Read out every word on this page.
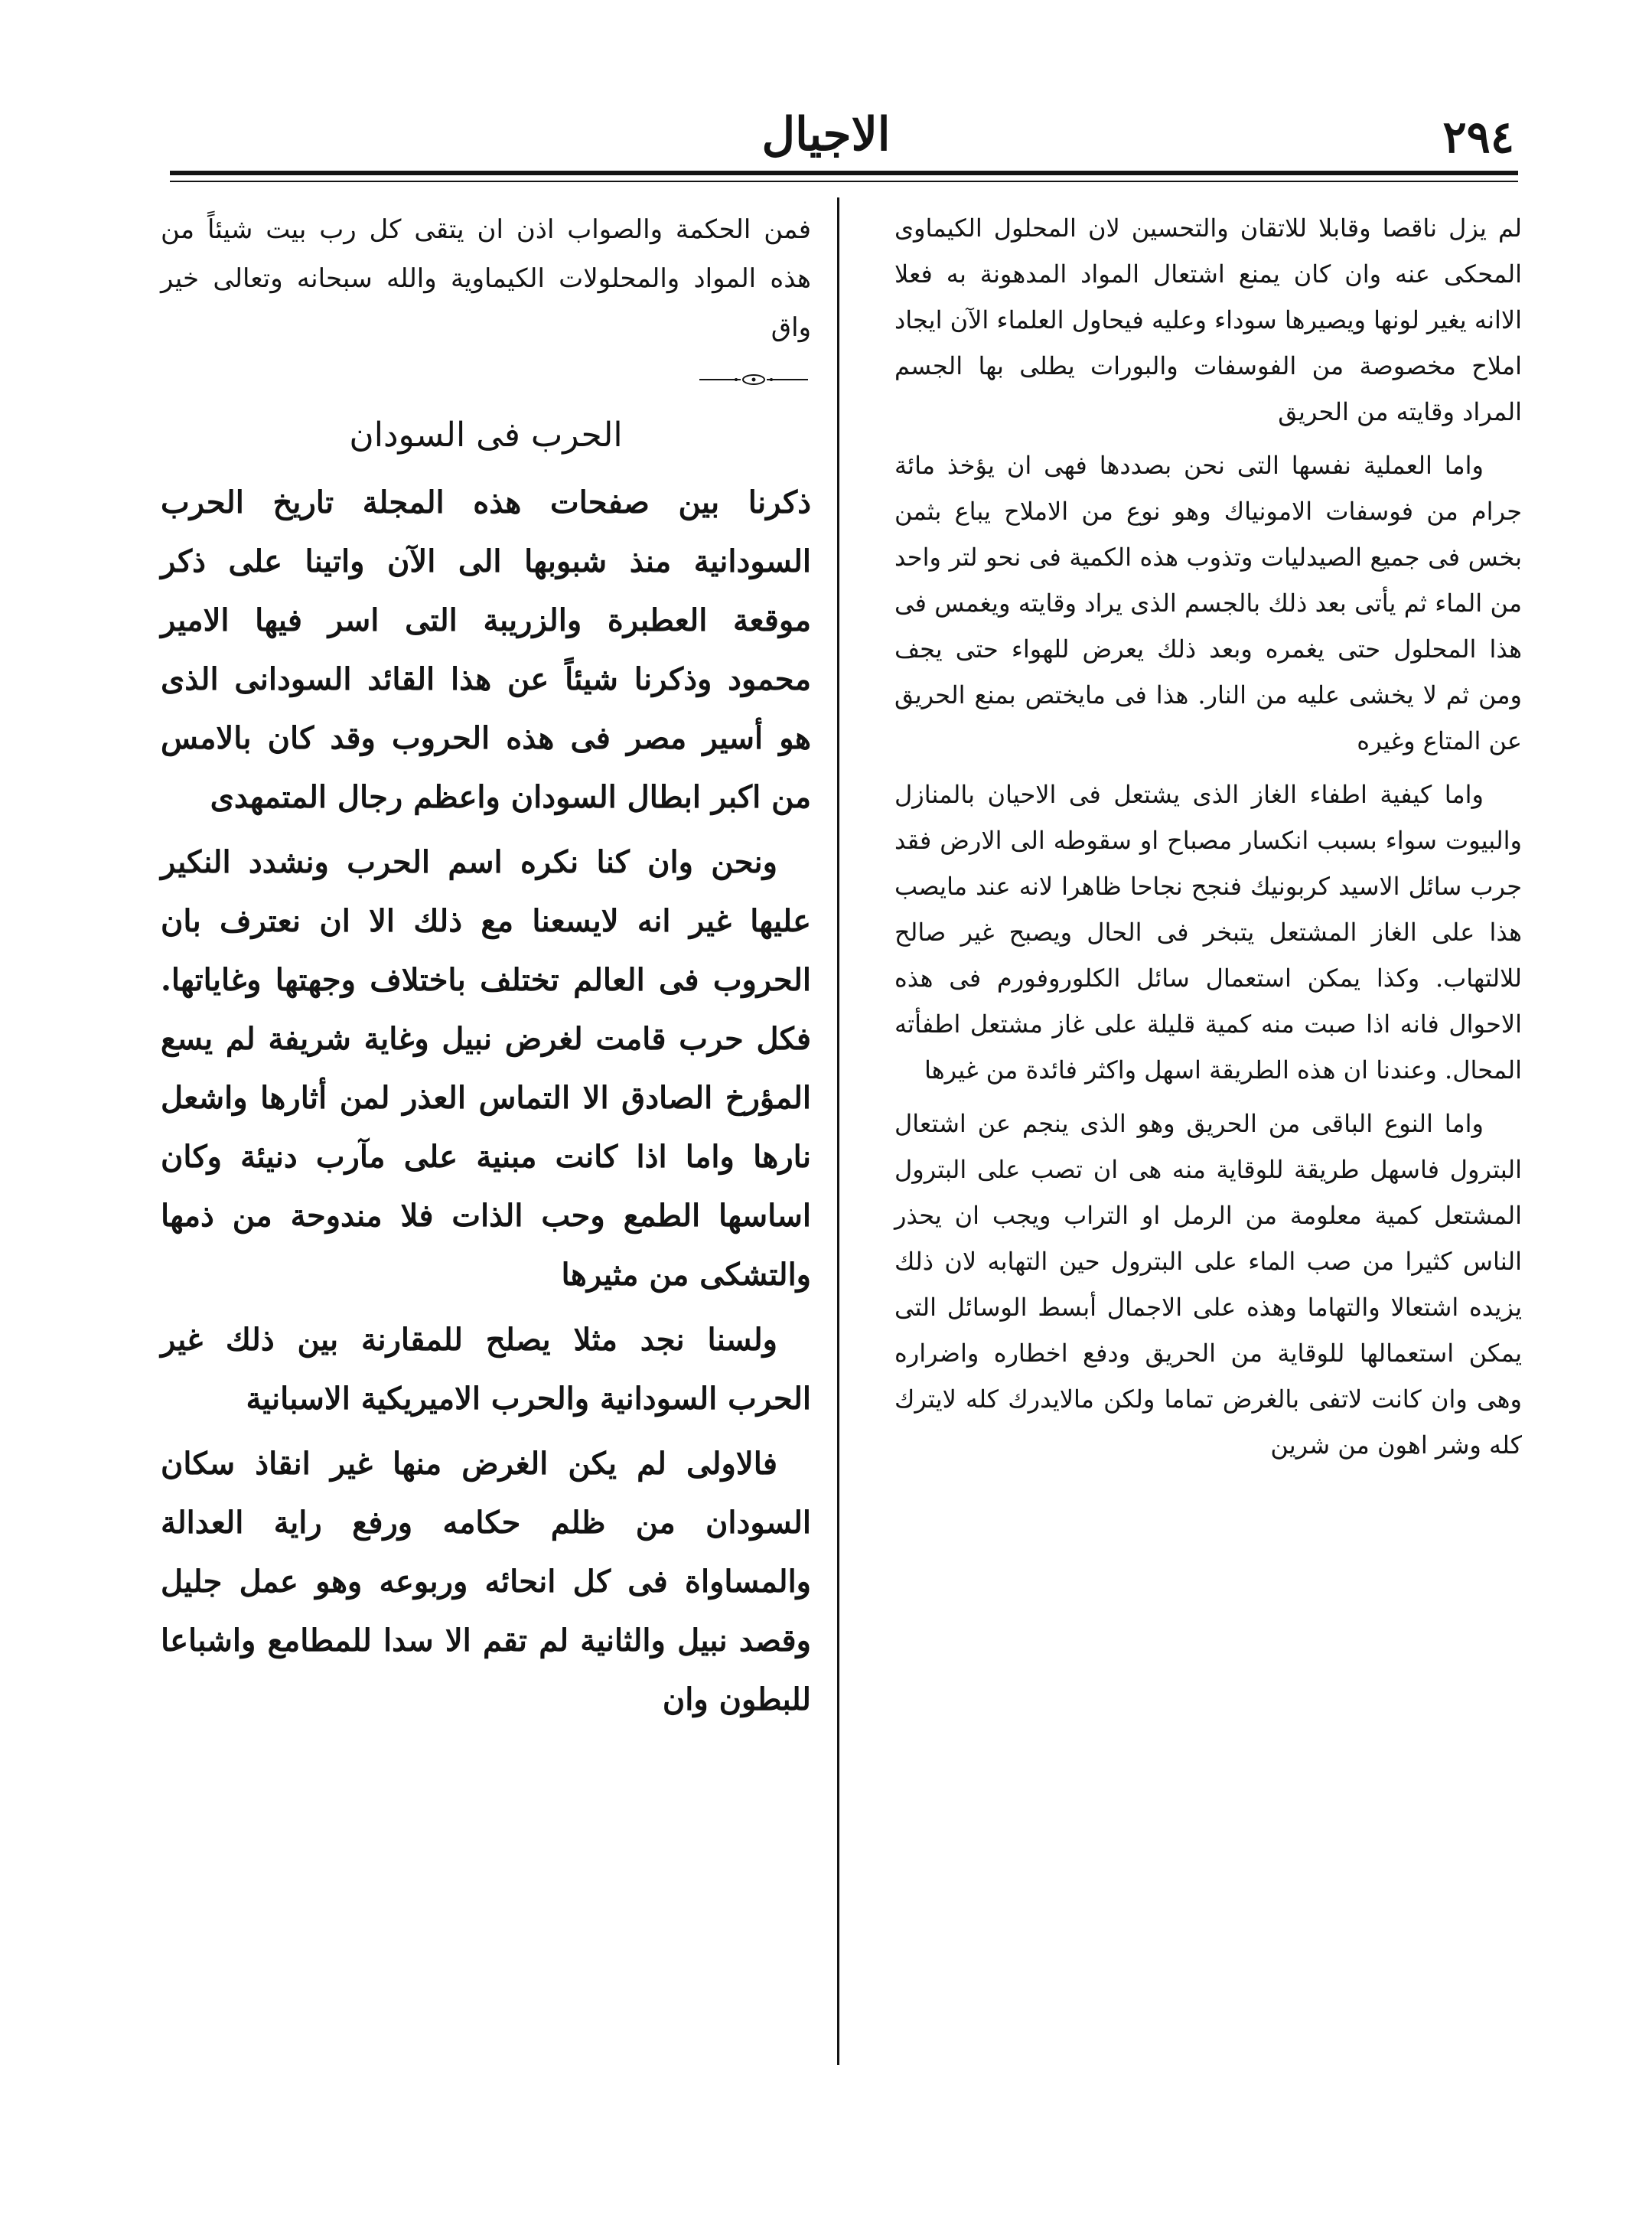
٢٩٤
الاجيال

لم يزل ناقصا وقابلا للاتقان والتحسين لان المحلول الكيماوى المحكى عنه وان كان يمنع اشتعال المواد المدهونة به فعلا الاانه يغير لونها ويصيرها سوداء وعليه فيحاول العلماء الآن ايجاد املاح مخصوصة من الفوسفات والبورات يطلى بها الجسم المراد وقايته من الحريق

واما العملية نفسها التى نحن بصددها فهى ان يؤخذ مائة جرام من فوسفات الامونياك وهو نوع من الاملاح يباع بثمن بخس فى جميع الصيدليات وتذوب هذه الكمية فى نحو لتر واحد من الماء ثم يأتى بعد ذلك بالجسم الذى يراد وقايته ويغمس فى هذا المحلول حتى يغمره وبعد ذلك يعرض للهواء حتى يجف ومن ثم لا يخشى عليه من النار. هذا فى مايختص بمنع الحريق عن المتاع وغيره

واما كيفية اطفاء الغاز الذى يشتعل فى الاحيان بالمنازل والبيوت سواء بسبب انكسار مصباح او سقوطه الى الارض فقد جرب سائل الاسيد كربونيك فنجح نجاحا ظاهرا لانه عند مايصب هذا على الغاز المشتعل يتبخر فى الحال ويصبح غير صالح للالتهاب. وكذا يمكن استعمال سائل الكلوروفورم فى هذه الاحوال فانه اذا صبت منه كمية قليلة على غاز مشتعل اطفأته المحال. وعندنا ان هذه الطريقة اسهل واكثر فائدة من غيرها

واما النوع الباقى من الحريق وهو الذى ينجم عن اشتعال البترول فاسهل طريقة للوقاية منه هى ان تصب على البترول المشتعل كمية معلومة من الرمل او التراب ويجب ان يحذر الناس كثيرا من صب الماء على البترول حين التهابه لان ذلك يزيده اشتعالا والتهاما وهذه على الاجمال أبسط الوسائل التى يمكن استعمالها للوقاية من الحريق ودفع اخطاره واضراره وهى وان كانت لاتفى بالغرض تماما ولكن مالايدرك كله لايترك كله وشر اهون من شرين

فمن الحكمة والصواب اذن ان يتقى كل رب بيت شيئاً من هذه المواد والمحلولات الكيماوية والله سبحانه وتعالى خير واق

الحرب فى السودان

ذكرنا بين صفحات هذه المجلة تاريخ الحرب السودانية منذ شبوبها الى الآن واتينا على ذكر موقعة العطبرة والزريبة التى اسر فيها الامير محمود وذكرنا شيئاً عن هذا القائد السودانى الذى هو أسير مصر فى هذه الحروب وقد كان بالامس من اكبر ابطال السودان واعظم رجال المتمهدى

ونحن وان كنا نكره اسم الحرب ونشدد النكير عليها غير انه لايسعنا مع ذلك الا ان نعترف بان الحروب فى العالم تختلف باختلاف وجهتها وغاياتها. فكل حرب قامت لغرض نبيل وغاية شريفة لم يسع المؤرخ الصادق الا التماس العذر لمن أثارها واشعل نارها واما اذا كانت مبنية على مآرب دنيئة وكان اساسها الطمع وحب الذات فلا مندوحة من ذمها والتشكى من مثيرها

ولسنا نجد مثلا يصلح للمقارنة بين ذلك غير الحرب السودانية والحرب الاميريكية الاسبانية

فالاولى لم يكن الغرض منها غير انقاذ سكان السودان من ظلم حكامه ورفع راية العدالة والمساواة فى كل انحائه وربوعه وهو عمل جليل وقصد نبيل والثانية لم تقم الا سدا للمطامع واشباعا للبطون وان
